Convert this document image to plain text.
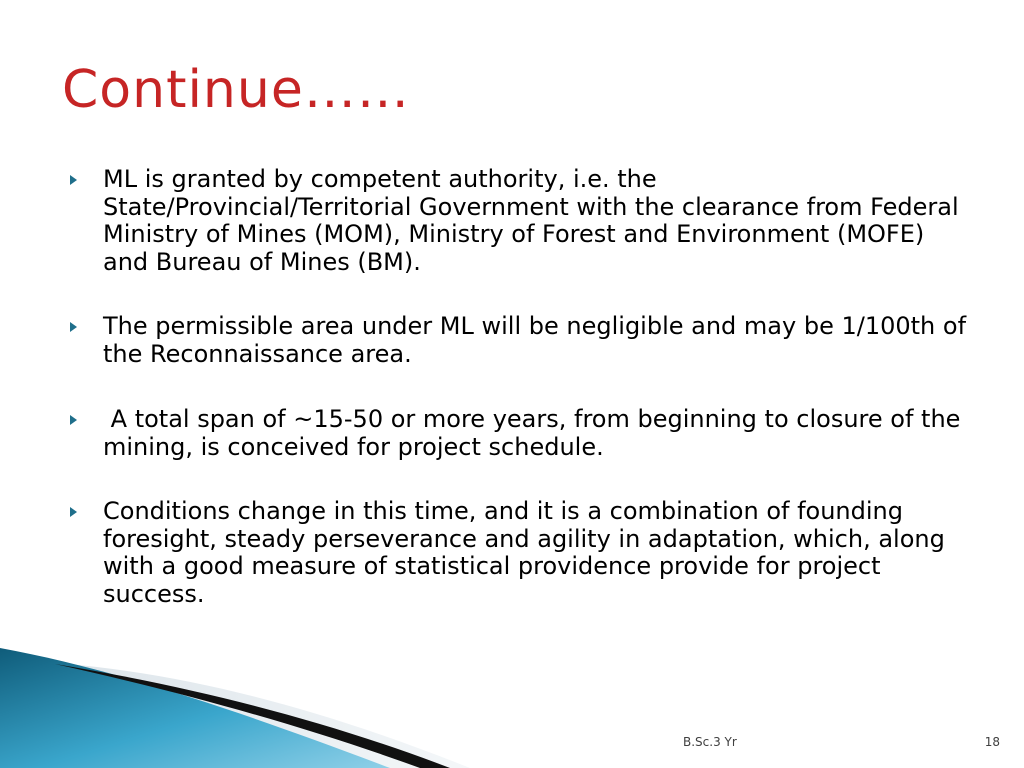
Continue……
ML is granted by competent authority, i.e. the State/Provincial/Territorial Government with the clearance from Federal Ministry of Mines (MOM), Ministry of Forest and Environment (MOFE) and Bureau of Mines (BM).
The permissible area under ML will be negligible and may be 1/100th of the Reconnaissance area.
A total span of ~15-50 or more years, from beginning to closure of the mining, is conceived for project schedule.
Conditions change in this time, and it is a combination of founding foresight, steady perseverance and agility in adaptation, which, along with a good measure of statistical providence provide for project success.
B.Sc.3 Yr	18
